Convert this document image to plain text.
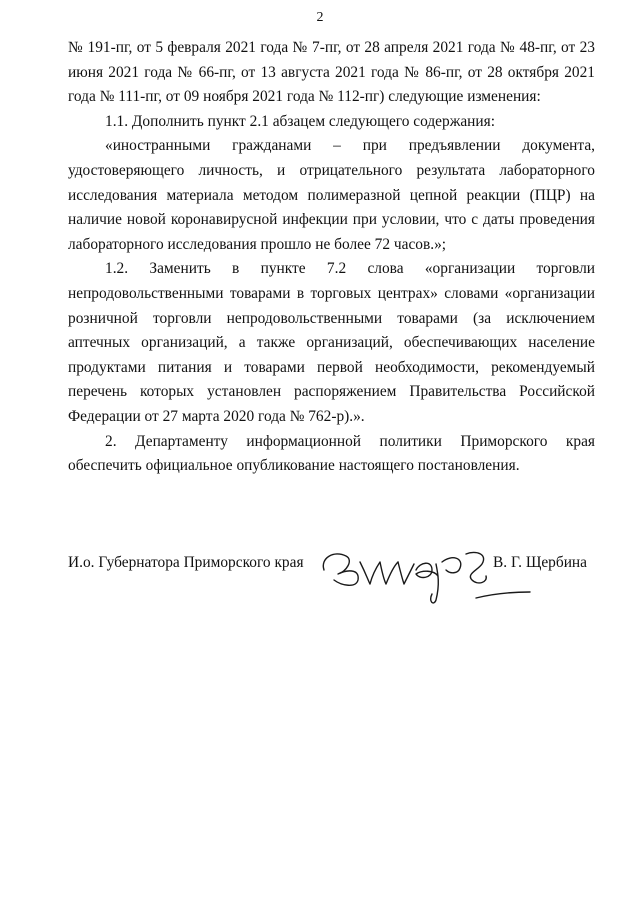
2

№ 191-пг, от 5 февраля 2021 года № 7-пг, от 28 апреля 2021 года № 48-пг, от 23 июня 2021 года № 66-пг, от 13 августа 2021 года № 86-пг, от 28 октября 2021 года № 111-пг, от 09 ноября 2021 года № 112-пг) следующие изменения:

1.1. Дополнить пункт 2.1 абзацем следующего содержания:

«иностранными гражданами – при предъявлении документа, удостоверяющего личность, и отрицательного результата лабораторного исследования материала методом полимеразной цепной реакции (ПЦР) на наличие новой коронавирусной инфекции при условии, что с даты проведения лабораторного исследования прошло не более 72 часов.»;

1.2. Заменить в пункте 7.2 слова «организации торговли непродовольственными товарами в торговых центрах» словами «организации розничной торговли непродовольственными товарами (за исключением аптечных организаций, а также организаций, обеспечивающих население продуктами питания и товарами первой необходимости, рекомендуемый перечень которых установлен распоряжением Правительства Российской Федерации от 27 марта 2020 года № 762-р).».

2. Департаменту информационной политики Приморского края обеспечить официальное опубликование настоящего постановления.

И.о. Губернатора Приморского края	В. Г. Щербина
